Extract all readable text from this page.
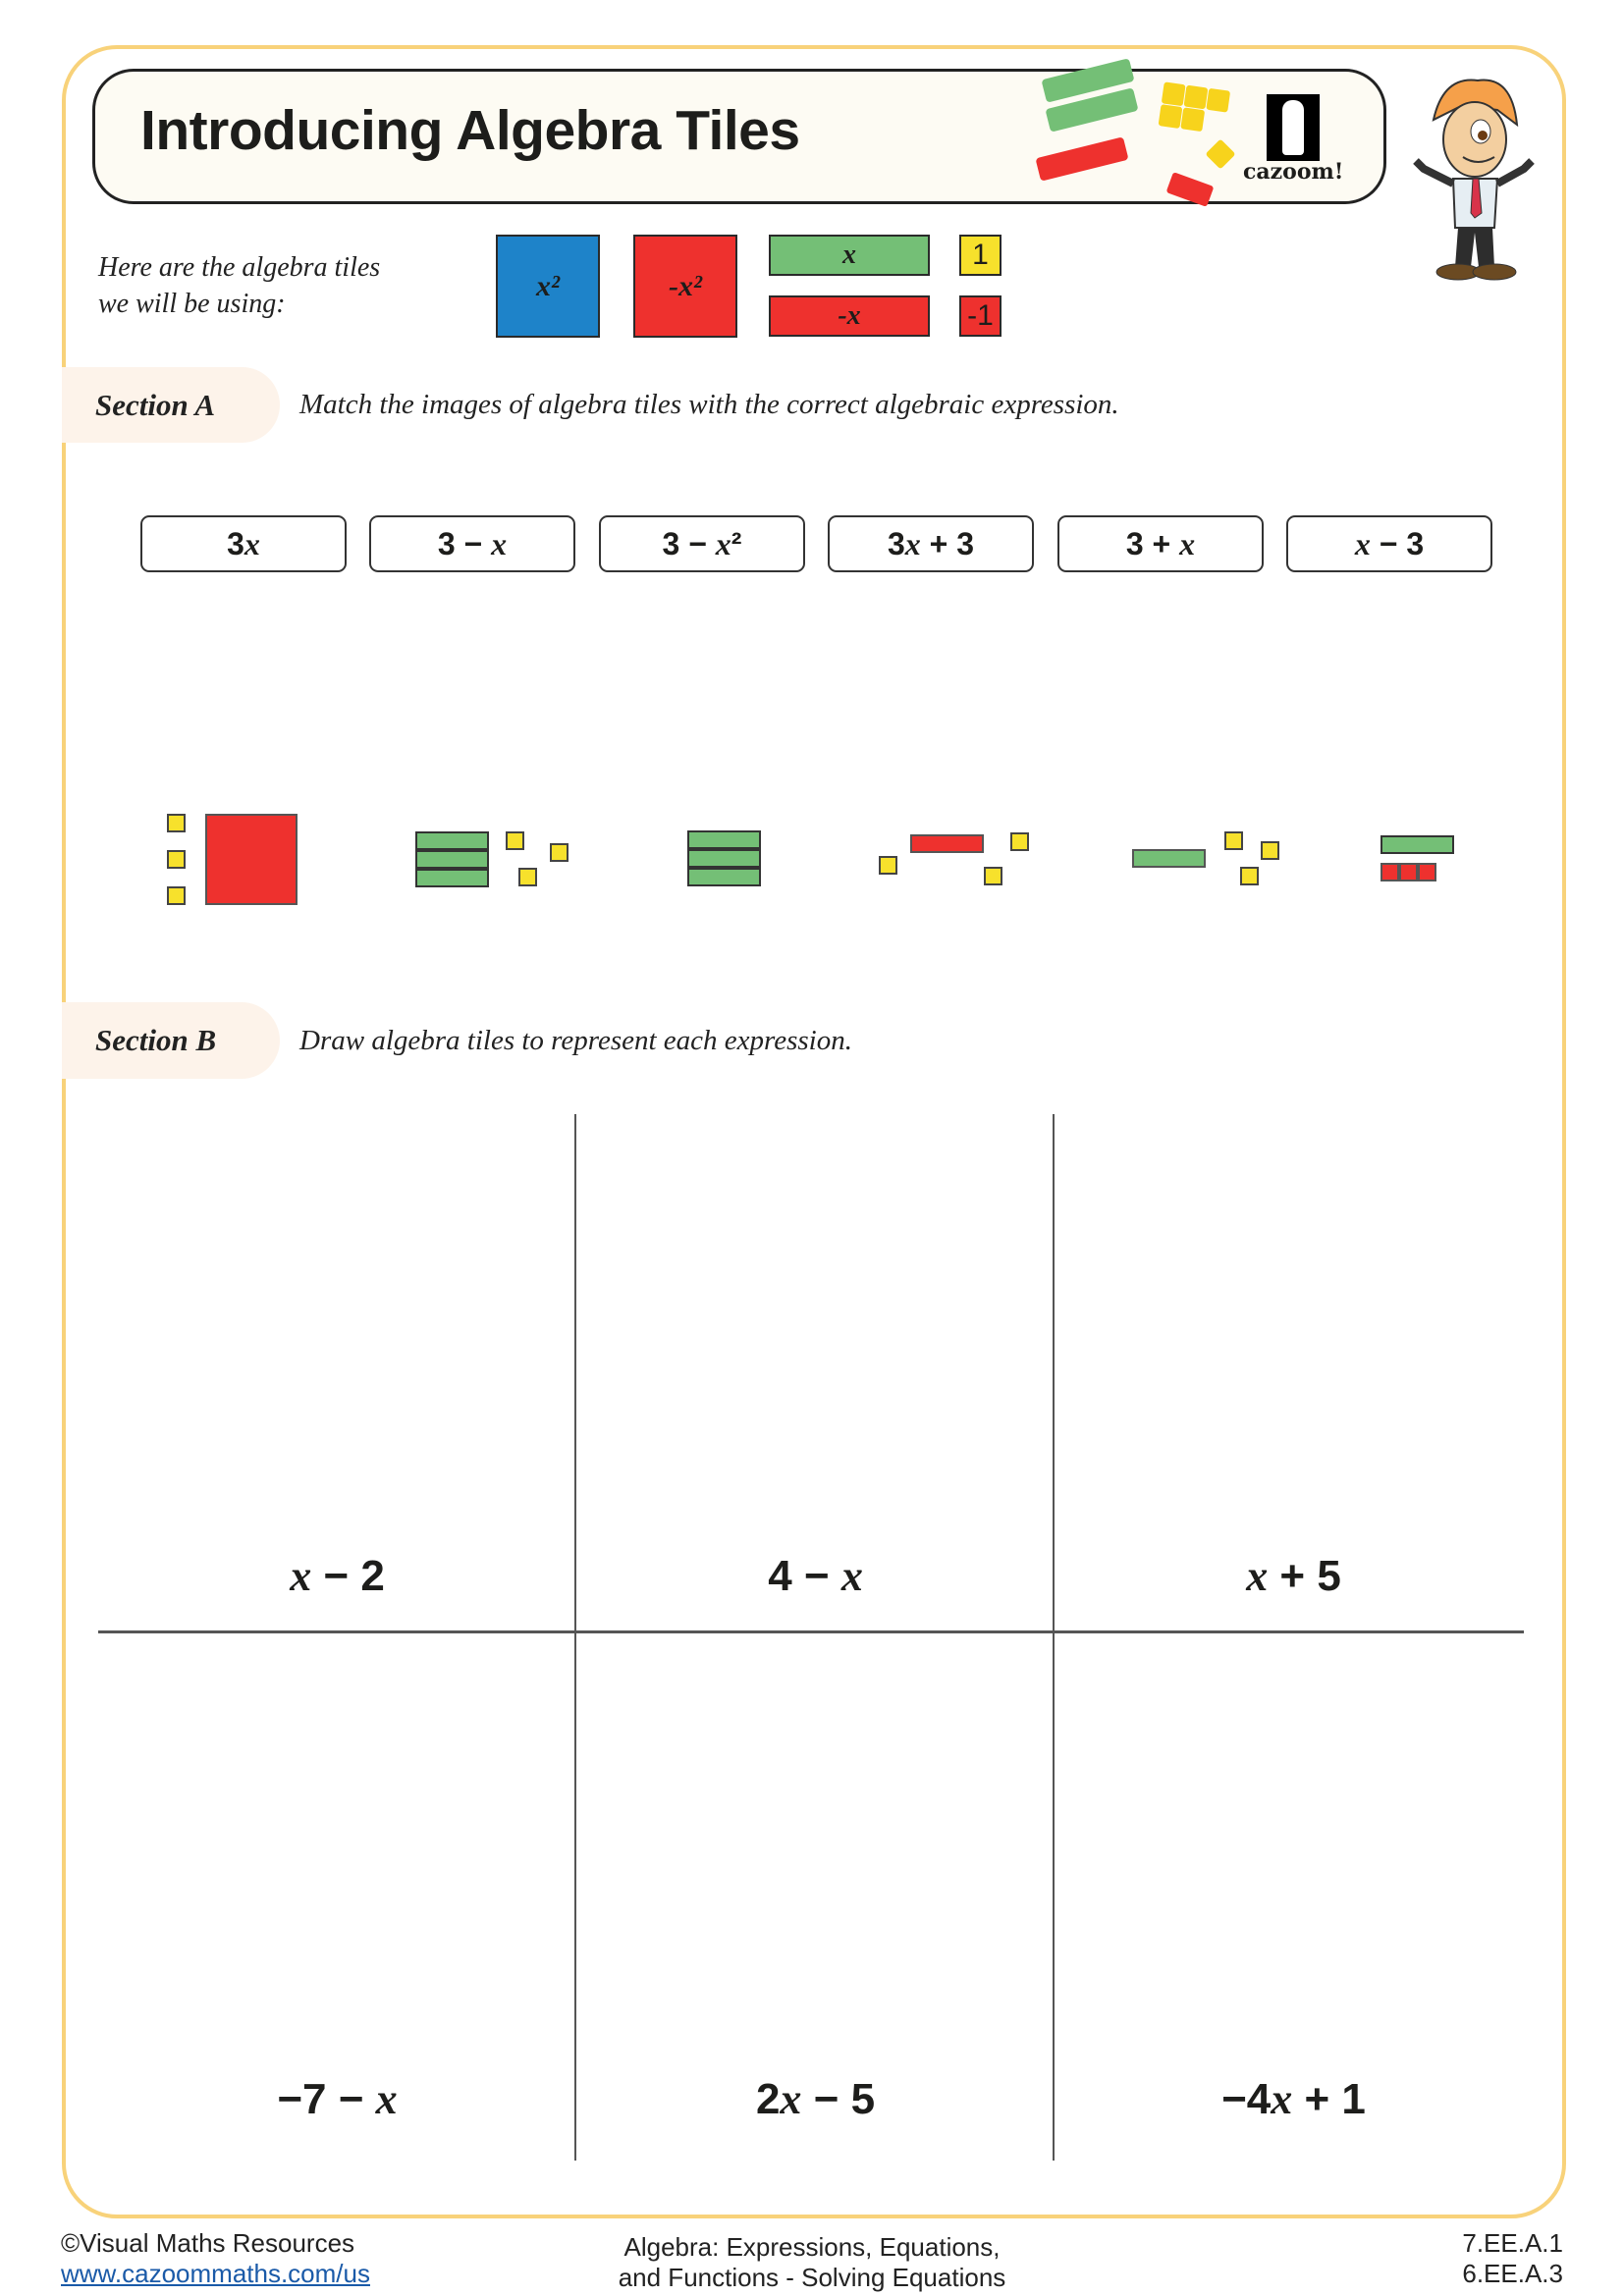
Introducing Algebra Tiles
cazoom!
Here are the algebra tiles
we will be using:
x²	-x²
x
-x
1
-1
Section A	Match the images of algebra tiles with the correct algebraic expression.
3 x	3 −
x	3 −
x ²	3 x
+ 3	3 +
x	x
− 3
Section B	Draw algebra tiles to represent each expression.
x − 2	4 − x	x + 5
−7 − x	2x − 5	−4x + 1
©Visual Maths Resources
www.cazoommaths.com/us
Algebra: Expressions, Equations,
and Functions - Solving Equations
7.EE.A.1
6.EE.A.3
